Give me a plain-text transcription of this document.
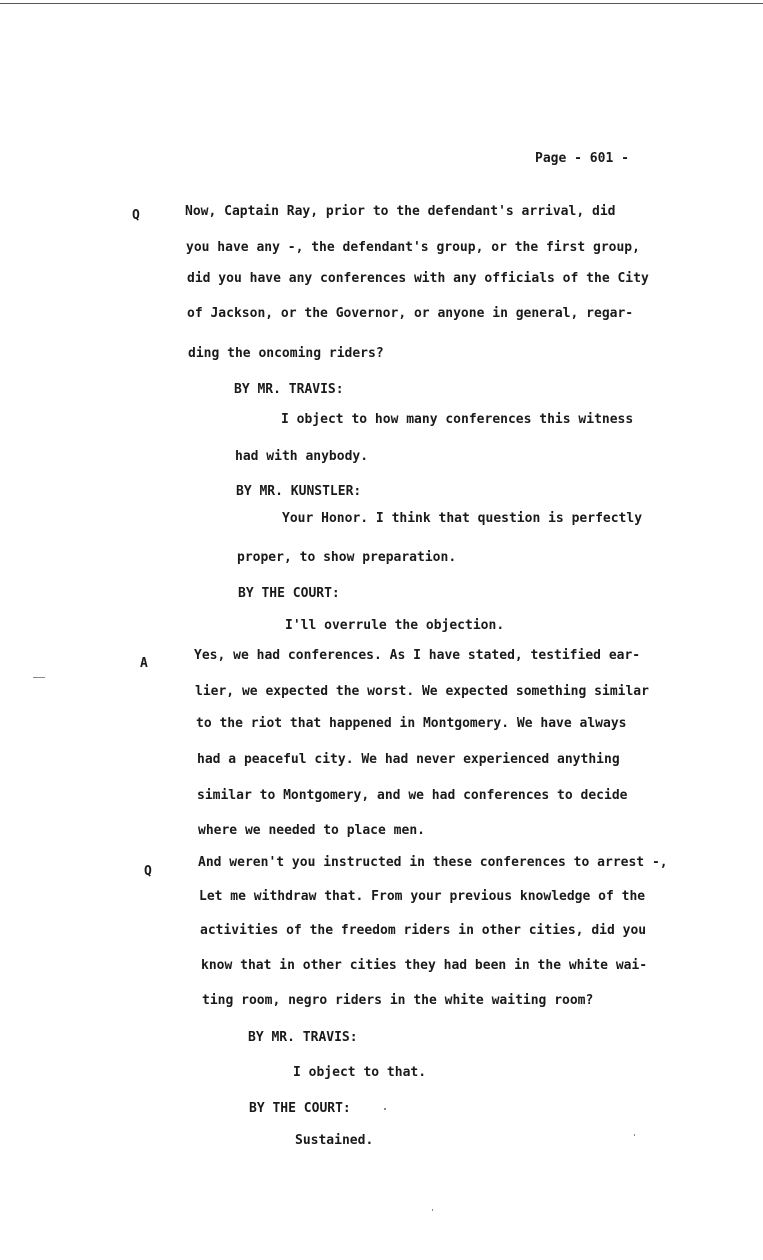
Page - 601 -
Q	Now, Captain Ray, prior to the defendant's arrival, did
you have any -, the defendant's group, or the first group,
did you have any conferences with any officials of the City
of Jackson, or the Governor, or anyone in general, regar-
ding the oncoming riders?
BY MR. TRAVIS:
I object to how many conferences this witness
had with anybody.
BY MR. KUNSTLER:
Your Honor. I think that question is perfectly
proper, to show preparation.
BY THE COURT:
I'll overrule the objection.
A
Yes, we had conferences. As I have stated, testified ear-
lier, we expected the worst. We expected something similar
to the riot that happened in Montgomery. We have always
had a peaceful city. We had never experienced anything
similar to Montgomery, and we had conferences to decide
where we needed to place men.
Q
And weren't you instructed in these conferences to arrest -,
Let me withdraw that. From your previous knowledge of the
activities of the freedom riders in other cities, did you
know that in other cities they had been in the white wai-
ting room, negro riders in the white waiting room?
BY MR. TRAVIS:
I object to that.
BY THE COURT:
Sustained.
